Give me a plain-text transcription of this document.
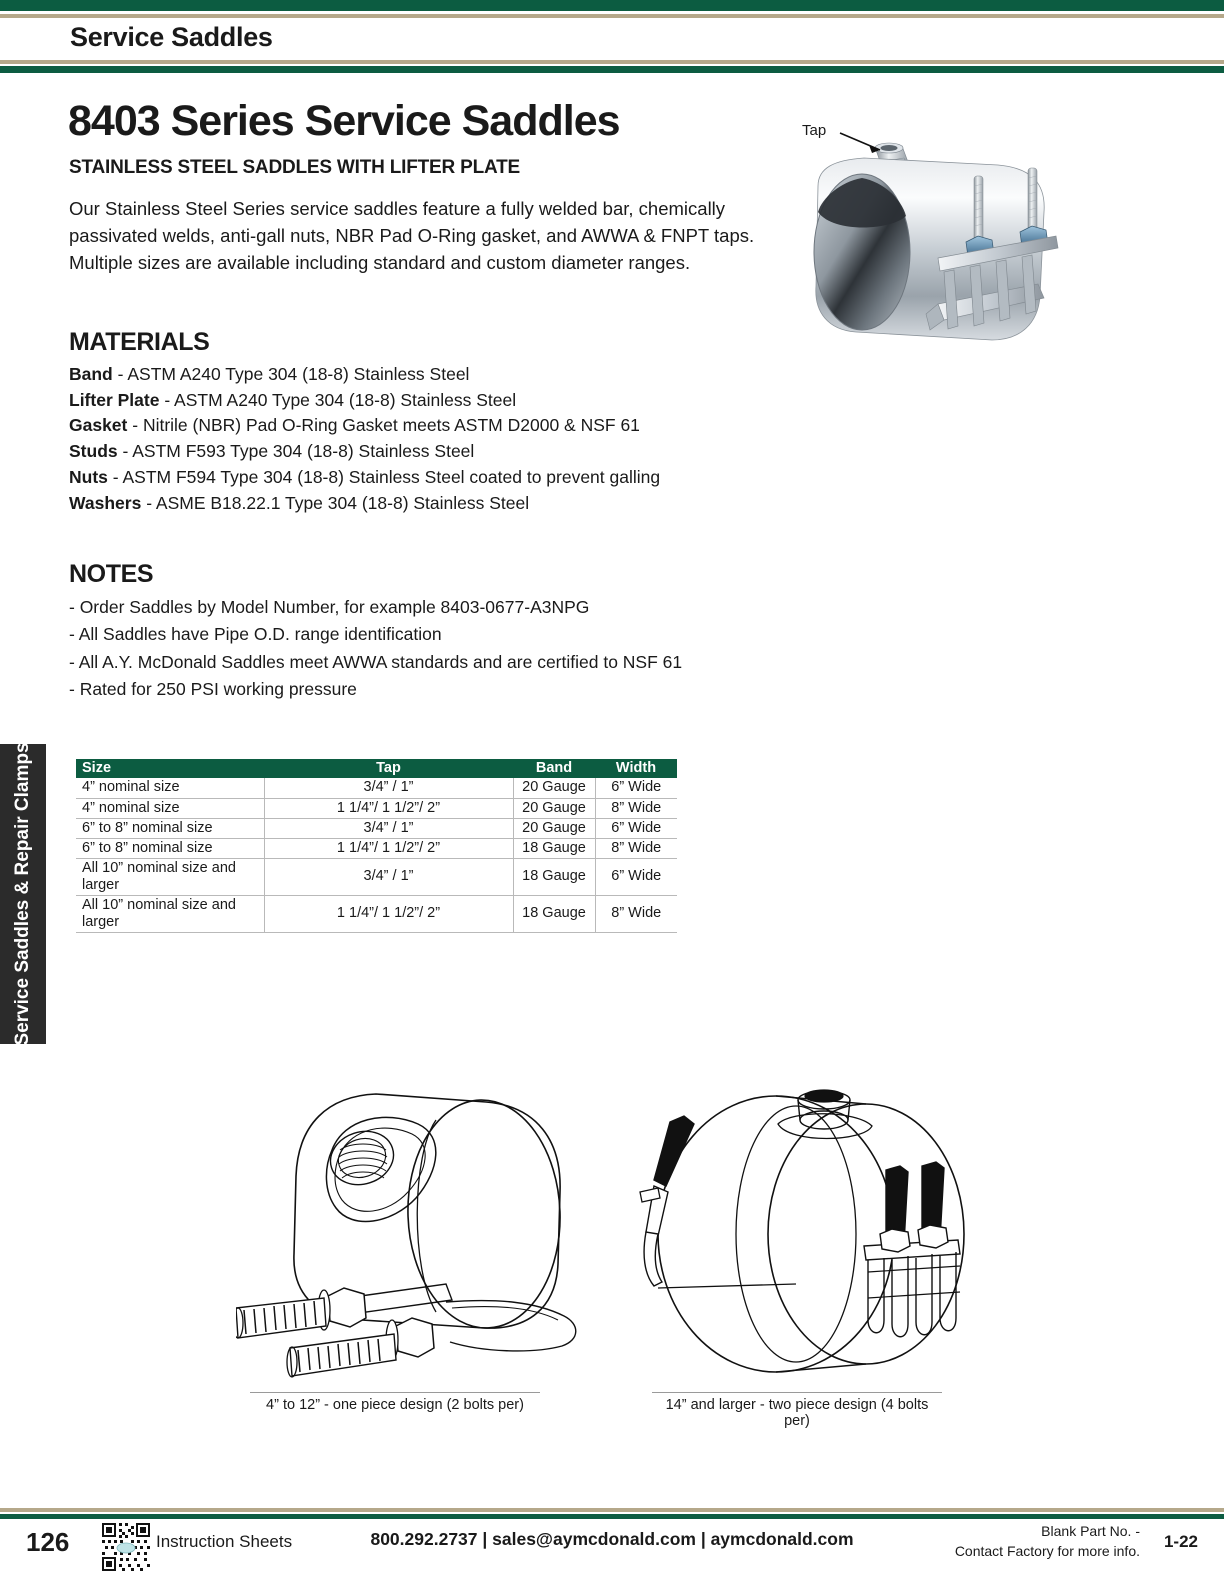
Service Saddles
Service Saddles & Repair Clamps
8403 Series Service Saddles
STAINLESS STEEL SADDLES WITH LIFTER PLATE
Our Stainless Steel Series service saddles feature a fully welded bar, chemically passivated welds, anti-gall nuts, NBR Pad O-Ring gasket, and AWWA & FNPT taps. Multiple sizes are available including standard and custom diameter ranges.
Tap
MATERIALS
Band - ASTM A240 Type 304 (18-8) Stainless Steel
Lifter Plate - ASTM A240 Type 304 (18-8) Stainless Steel
Gasket - Nitrile (NBR) Pad O-Ring Gasket meets ASTM D2000 & NSF 61
Studs - ASTM F593 Type 304 (18-8) Stainless Steel
Nuts - ASTM F594 Type 304 (18-8) Stainless Steel coated to prevent galling
Washers - ASME B18.22.1 Type 304 (18-8) Stainless Steel
NOTES
- Order Saddles by Model Number, for example 8403-0677-A3NPG
- All Saddles have Pipe O.D. range identification
- All A.Y. McDonald Saddles meet AWWA standards and are certified to NSF 61
- Rated for 250 PSI working pressure
Size	Tap	Band	Width
4” nominal size	3/4” / 1”	20 Gauge	6” Wide
4” nominal size	1 1/4”/ 1 1/2”/ 2”	20 Gauge	8” Wide
6” to 8” nominal size	3/4” / 1”	20 Gauge	6” Wide
6” to 8” nominal size	1 1/4”/ 1 1/2”/ 2”	18 Gauge	8” Wide
All 10” nominal size and larger	3/4” / 1”	18 Gauge	6” Wide
All 10” nominal size and larger	1 1/4”/ 1 1/2”/ 2”	18 Gauge	8” Wide
4” to 12” - one piece design (2 bolts per)	14” and larger - two piece design (4 bolts per)
126	Instruction Sheets	800.292.2737 | sales@aymcdonald.com | aymcdonald.com	Blank Part No. -
Contact Factory for more info. 1-22
